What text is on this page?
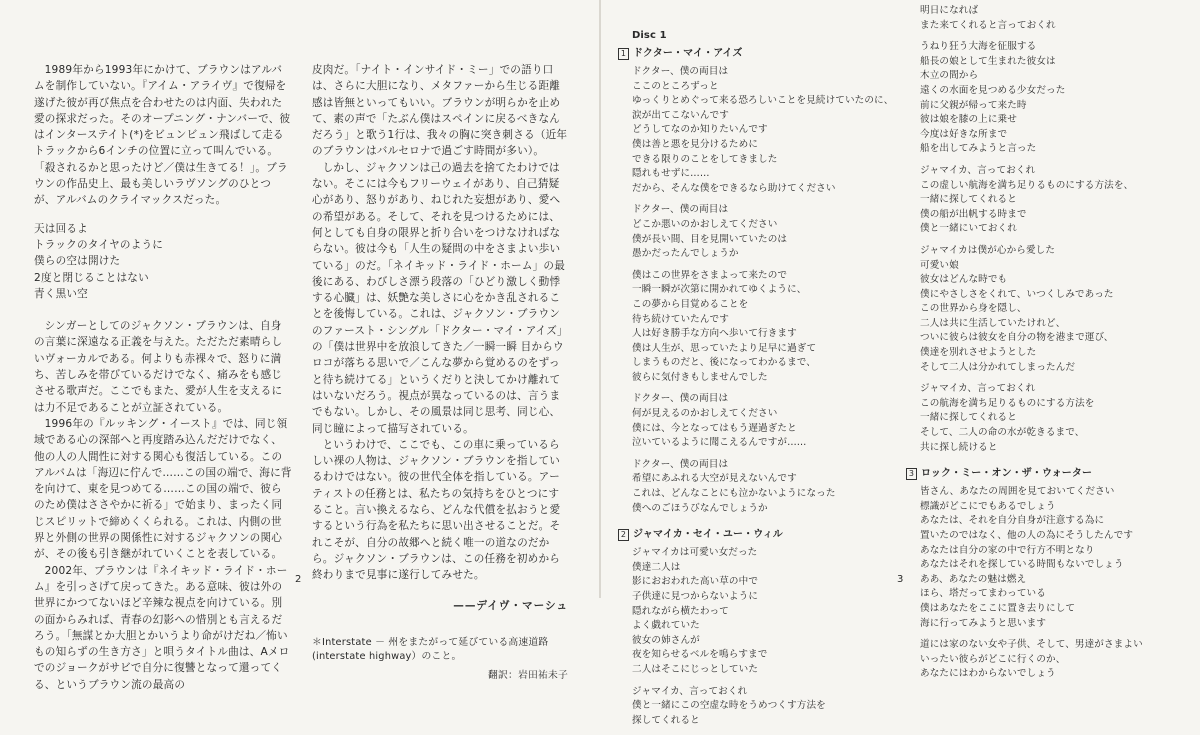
1989年から1993年にかけて、ブラウンはアルバムを制作していない。『アイム・アライヴ』で復帰を遂げた彼が再び焦点を合わせたのは内面、失われた愛の探求だった。そのオープニング・ナンバーで、彼はインターステイト(*)をビュンビュン飛ばして走るトラックから6インチの位置に立って叫んでいる。「殺されるかと思ったけど／僕は生きてる！」。ブラウンの作品史上、最も美しいラヴソングのひとつが、アルバムのクライマックスだった。

天は回るよ
トラックのタイヤのように
僕らの空は開けた
2度と閉じることはない
青く黒い空

シンガーとしてのジャクソン・ブラウンは、自身の言葉に深遠なる正義を与えた。ただただ素晴らしいヴォーカルである。何よりも赤裸々で、怒りに満ち、苦しみを帯びているだけでなく、痛みをも感じさせる歌声だ。ここでもまた、愛が人生を支えるには力不足であることが立証されている。

1996年の『ルッキング・イースト』では、同じ領域である心の深部へと再度踏み込んだだけでなく、他の人の人間性に対する関心も復活している。このアルバムは「海辺に佇んで……この国の端で、海に背を向けて、東を見つめてる……この国の端で、彼らのため僕はささやかに祈る」で始まり、まったく同じスピリットで締めくくられる。これは、内側の世界と外側の世界の関係性に対するジャクソンの関心が、その後も引き継がれていくことを表している。

2002年、ブラウンは『ネイキッド・ライド・ホーム』を引っさげて戻ってきた。ある意味、彼は外の世界にかつてないほど辛辣な視点を向けている。別の面からみれば、青春の幻影への惜別とも言えるだろう。「無謀とか大胆とかいうより命がけだね／怖いもの知らずの生き方さ」と唄うタイトル曲は、Aメロでのジョークがサビで自分に復讐となって還ってくる、というブラウン流の最高の

皮肉だ。「ナイト・インサイド・ミー」での語り口は、さらに大胆になり、メタファーから生じる距離感は皆無といってもいい。ブラウンが明らかを止めて、素の声で「たぶん僕はスペインに戻るべきなんだろう」と歌う1行は、我々の胸に突き刺さる（近年のブラウンはバルセロナで過ごす時間が多い）。

しかし、ジャクソンは己の過去を捨てたわけではない。そこには今もフリーウェイがあり、自己猜疑心があり、怒りがあり、ねじれた妄想があり、愛への希望がある。そして、それを見つけるためには、何としても自身の限界と折り合いをつけなければならない。彼は今も「人生の疑問の中をさまよい歩いている」のだ。「ネイキッド・ライド・ホーム」の最後にある、わびしさ漂う段落の「ひどり激しく動悸する心臓」は、妖艶な美しさに心をかき乱されることを後悔している。これは、ジャクソン・ブラウンのファースト・シングル「ドクター・マイ・アイズ」の「僕は世界中を放浪してきた／一瞬一瞬 目からウロコが落ちる思いで／こんな夢から覚めるのをずっと待ち続けてる」というくだりと決してかけ離れてはいないだろう。視点が異なっているのは、言うまでもない。しかし、その風景は同じ思考、同じ心、同じ瞳によって描写されている。

というわけで、ここでも、この車に乗っているらしい裸の人物は、ジャクソン・ブラウンを指しているわけではない。彼の世代全体を指している。アーティストの任務とは、私たちの気持ちをひとつにすること。言い換えるなら、どんな代償を払おうと愛するという行為を私たちに思い出させることだ。それこそが、自分の故郷へと続く唯一の道なのだから。ジャクソン・ブラウンは、この任務を初めから終わりまで見事に遂行してみせた。

——デイヴ・マーシュ
＊Interstate － 州をまたがって延びている高速道路(interstate highway）のこと。
翻訳：岩田祐未子
2
Disc 1
1 ドクター・マイ・アイズ
ドクター、僕の両目は
ここのところずっと
ゆっくりとめぐって来る恐ろしいことを見続けていたのに、
涙が出てこないんです
どうしてなのか知りたいんです
僕は善と悪を見分けるために
できる限りのことをしてきました
隠れもせずに……
だから、そんな僕をできるなら助けてください
ドクター、僕の両目は
どこか悪いのかおしえてください
僕が長い間、目を見開いていたのは
愚かだったんでしょうか
僕はこの世界をさまよって来たので
一瞬一瞬が次第に開かれてゆくように、
この夢から目覚めることを
待ち続けていたんです
人は好き勝手な方向へ歩いて行きます
僕は人生が、思っていたより足早に過ぎて
しまうものだと、後になってわかるまで、
彼らに気付きもしませんでした
ドクター、僕の両目は
何が見えるのかおしえてください
僕には、今となってはもう遅過ぎたと
泣いているように聞こえるんですが……
ドクター、僕の両目は
希望にあふれる大空が見えないんです
これは、どんなことにも泣かないようになった
僕へのごほうびなんでしょうか
2 ジャマイカ・セイ・ユー・ウィル
ジャマイカは可愛い女だった
僕達二人は
影におおわれた高い草の中で
子供達に見つからないように
隠れながら横たわって
よく戯れていた
彼女の姉さんが
夜を知らせるベルを鳴らすまで
二人はそこにじっとしていた
ジャマイカ、言っておくれ
僕と一緒にこの空虚な時をうめつくす方法を
探してくれると
明日になれば
また来てくれると言っておくれ
うねり狂う大海を征服する
船長の娘として生まれた彼女は
木立の間から
遠くの水面を見つめる少女だった
前に父親が帰って来た時
彼は娘を膝の上に乗せ
今度は好きな所まで
船を出してみようと言った
ジャマイカ、言っておくれ
この虚しい航海を満ち足りるものにする方法を、
一緒に探してくれると
僕の船が出帆する時まで
僕と一緒にいておくれ
ジャマイカは僕が心から愛した
可愛い娘
彼女はどんな時でも
僕にやさしさをくれて、いつくしみであった
この世界から身を隠し、
二人は共に生活していたけれど、
ついに彼らは彼女を自分の物を港まで運び、
僕達を別れさせようとした
そして二人は分かれてしまったんだ
ジャマイカ、言っておくれ
この航海を満ち足りるものにする方法を
一緒に探してくれると
そして、二人の命の水が乾きるまで、
共に探し続けると
3 ロック・ミー・オン・ザ・ウォーター
皆さん、あなたの周囲を見ておいてください
標識がどこにでもあるでしょう
あなたは、それを自分自身が注意する為に
置いたのではなく、他の人の為にそうしたんです
あなたは自分の家の中で行方不明となり
あなたはそれを探している時間もないでしょう
ああ、あなたの魅は燃え
ほら、塔だってまわっている
僕はあなたをここに置き去りにして
海に行ってみようと思います
道には家のない女や子供、そして、男達がさまよい
いったい彼らがどこに行くのか、
あなたにはわからないでしょう
3
